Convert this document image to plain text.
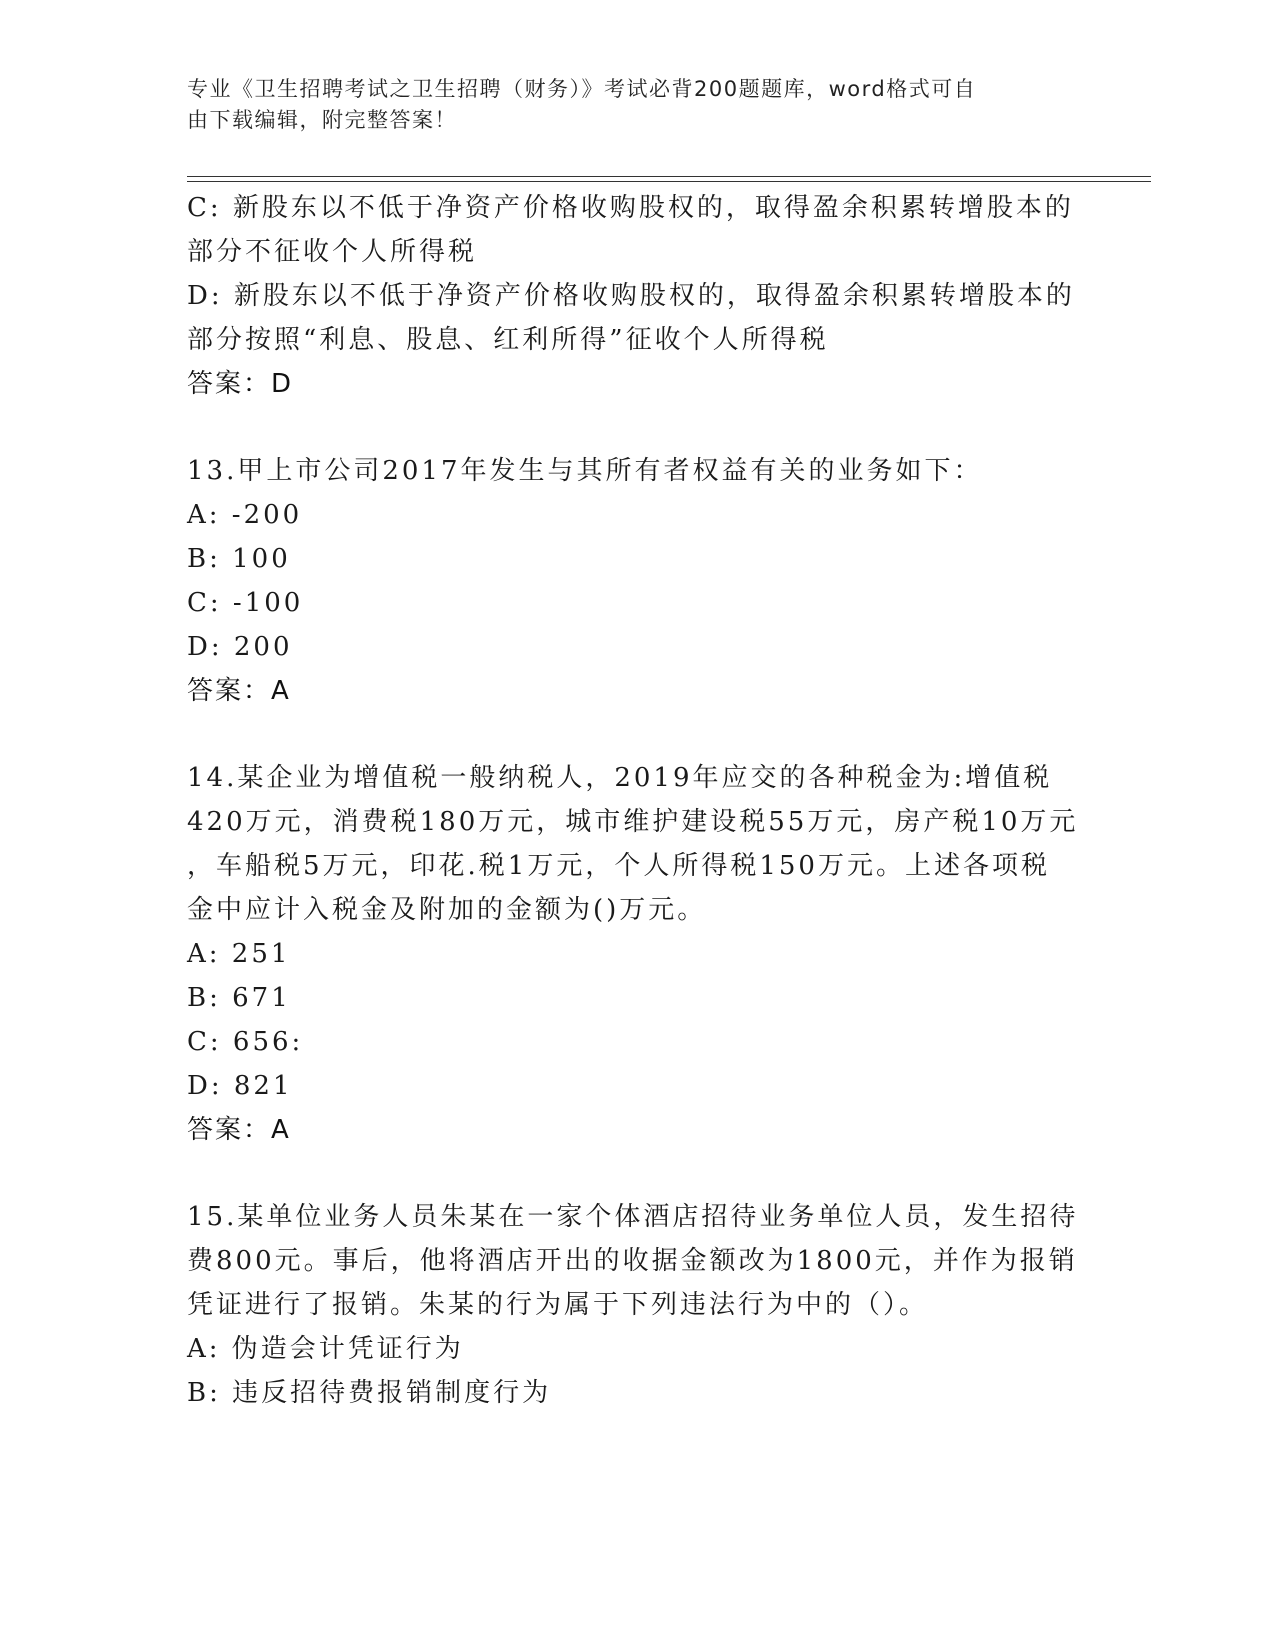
专业《卫生招聘考试之卫生招聘（财务）》考试必背200题题库，word格式可自
由下载编辑，附完整答案！
C: 新股东以不低于净资产价格收购股权的，取得盈余积累转增股本的
部分不征收个人所得税
D: 新股东以不低于净资产价格收购股权的，取得盈余积累转增股本的
部分按照“利息、股息、红利所得”征收个人所得税
答案：D
13.甲上市公司2017年发生与其所有者权益有关的业务如下：
A: -200
B: 100
C: -100
D: 200
答案：A
14.某企业为增值税一般纳税人，2019年应交的各种税金为:增值税
420万元，消费税180万元，城市维护建设税55万元，房产税10万元
，车船税5万元，印花.税1万元，个人所得税150万元。上述各项税
金中应计入税金及附加的金额为()万元。
A: 251
B: 671
C: 656:
D: 821
答案：A
15.某单位业务人员朱某在一家个体酒店招待业务单位人员，发生招待
费800元。事后，他将酒店开出的收据金额改为1800元，并作为报销
凭证进行了报销。朱某的行为属于下列违法行为中的（）。
A: 伪造会计凭证行为
B: 违反招待费报销制度行为
